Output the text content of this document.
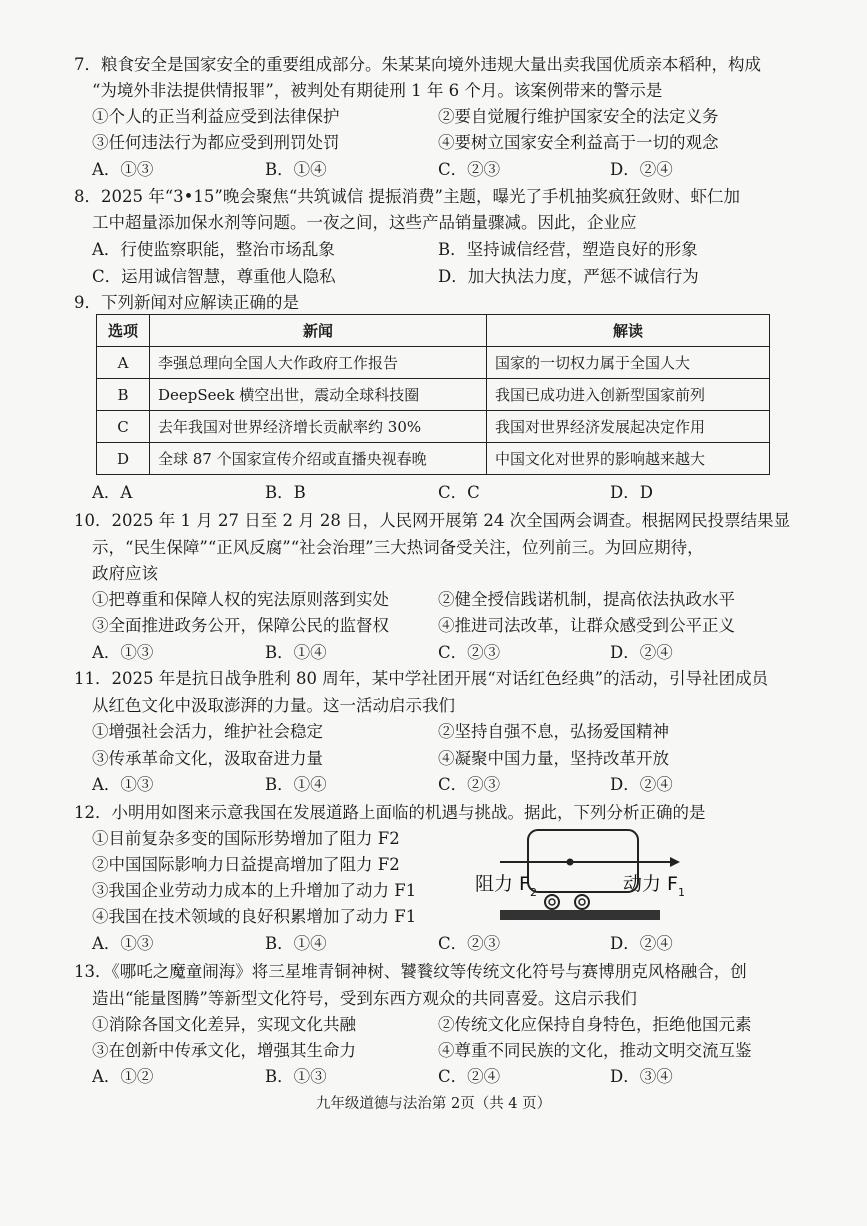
7．粮食安全是国家安全的重要组成部分。朱某某向境外违规大量出卖我国优质亲本稻种，构成
“为境外非法提供情报罪”，被判处有期徒刑 1 年 6 个月。该案例带来的警示是
①个人的正当利益应受到法律保护	②要自觉履行维护国家安全的法定义务
③任何违法行为都应受到刑罚处罚	④要树立国家安全利益高于一切的观念
A．①③	B．①④	C．②③	D．②④
8．2025 年“3•15”晚会聚焦“共筑诚信 提振消费”主题，曝光了手机抽奖疯狂敛财、虾仁加
工中超量添加保水剂等问题。一夜之间，这些产品销量骤减。因此，企业应
A．行使监察职能，整治市场乱象	B．坚持诚信经营，塑造良好的形象
C．运用诚信智慧，尊重他人隐私	D．加大执法力度，严惩不诚信行为
9．下列新闻对应解读正确的是
选项	新闻	解读
A	李强总理向全国人大作政府工作报告	国家的一切权力属于全国人大
B	DeepSeek 横空出世，震动全球科技圈	我国已成功进入创新型国家前列
C	去年我国对世界经济增长贡献率约 30%	我国对世界经济发展起决定作用
D	全球 87 个国家宣传介绍或直播央视春晚	中国文化对世界的影响越来越大
A．A	B．B	C．C	D．D
10．2025 年 1 月 27 日至 2 月 28 日，人民网开展第 24 次全国两会调查。根据网民投票结果显
示，“民生保障”“正风反腐”“社会治理”三大热词备受关注，位列前三。为回应期待，
政府应该
①把尊重和保障人权的宪法原则落到实处	②健全授信践诺机制，提高依法执政水平
③全面推进政务公开，保障公民的监督权	④推进司法改革，让群众感受到公平正义
A．①③	B．①④	C．②③	D．②④
11．2025 年是抗日战争胜利 80 周年，某中学社团开展“对话红色经典”的活动，引导社团成员
从红色文化中汲取澎湃的力量。这一活动启示我们
①增强社会活力，维护社会稳定	②坚持自强不息，弘扬爱国精神
③传承革命文化，汲取奋进力量	④凝聚中国力量，坚持改革开放
A．①③	B．①④	C．②③	D．②④
12．小明用如图来示意我国在发展道路上面临的机遇与挑战。据此，下列分析正确的是
①目前复杂多变的国际形势增加了阻力 F2
②中国国际影响力日益提高增加了阻力 F2
③我国企业劳动力成本的上升增加了动力 F1
④我国在技术领域的良好积累增加了动力 F1
阻力 $F_2$	动力 $F_1$
A．①③	B．①④	C．②③	D．②④
13．《哪吒之魔童闹海》将三星堆青铜神树、饕餮纹等传统文化符号与赛博朋克风格融合，创
造出“能量图腾”等新型文化符号，受到东西方观众的共同喜爱。这启示我们
①消除各国文化差异，实现文化共融	②传统文化应保持自身特色，拒绝他国元素
③在创新中传承文化，增强其生命力	④尊重不同民族的文化，推动文明交流互鉴
A．①②	B．①③	C．②④	D．③④
九年级道德与法治第 2页（共 4 页）
